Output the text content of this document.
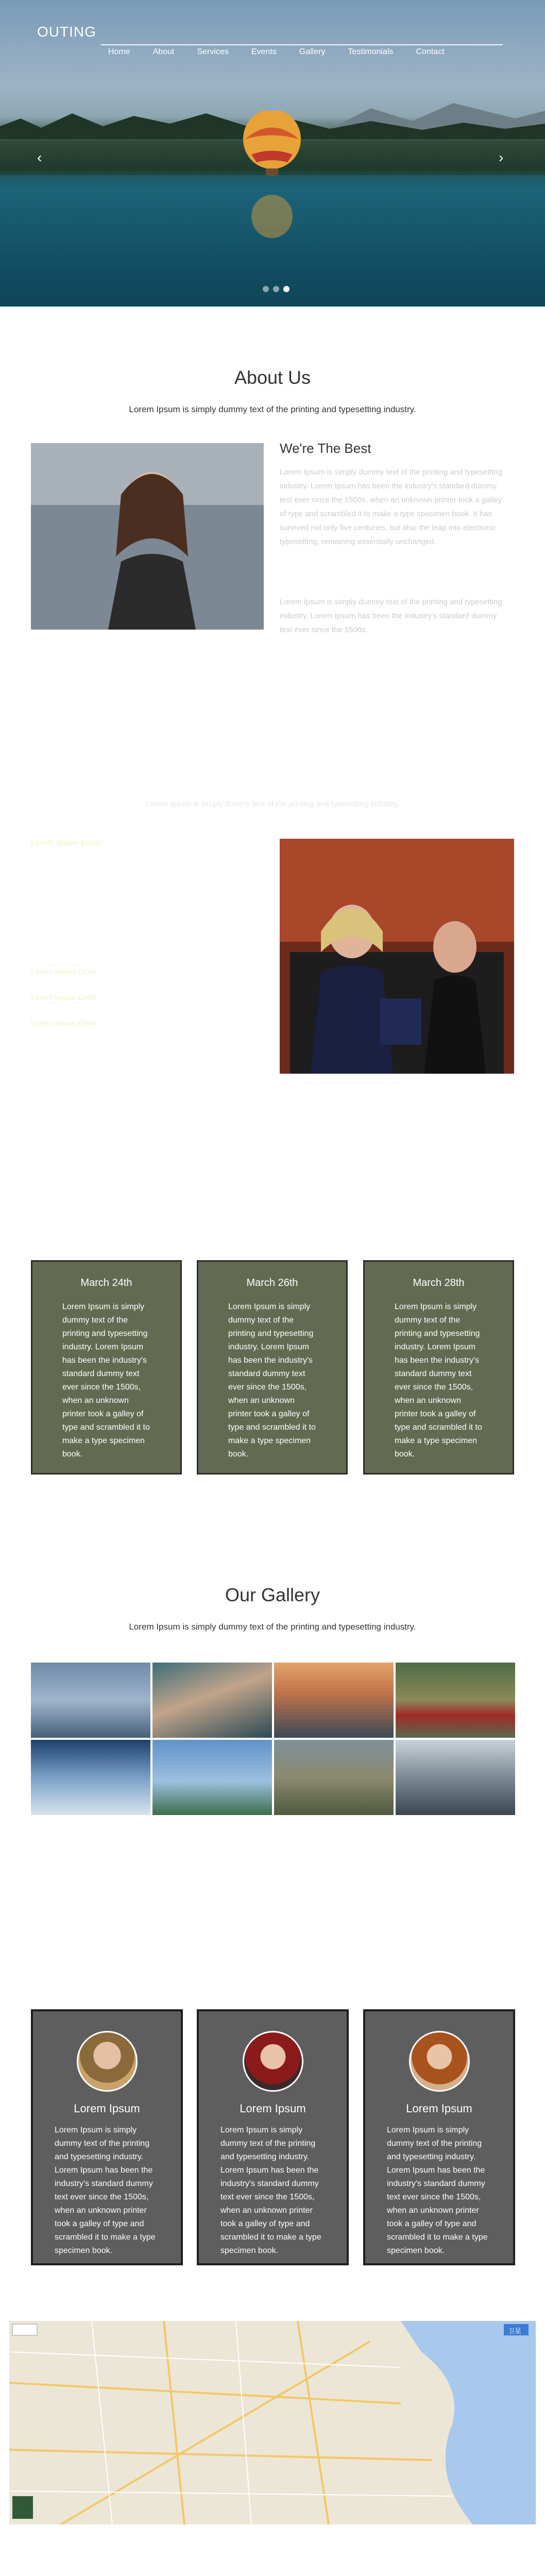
OUTING
Home	About	Services	Events	Gallery	Testimonials	Contact
‹	›
About Us
Lorem Ipsum is simply dummy text of the printing and typesetting industry.
We're The Best
Lorem Ipsum is simply dummy text of the printing and typesetting industry. Lorem Ipsum has been the industry's standard dummy text ever since the 1500s, when an unknown printer took a galley of type and scrambled it to make a type specimen book. It has survived not only five centuries, but also the leap into electronic typesetting, remaining essentially unchanged.
Lorem Ipsum is simply dummy text of the printing and typesetting industry. Lorem Ipsum has been the industry's standard dummy text ever since the 1500s.
Lorem Ipsum is simply dummy text of the printing and typesetting industry.
Lorem Ipsum Dolor
Lorem Ipsum Dolor
Lorem Ipsum Dolor
Lorem Ipsum Dolor
March 24th
Lorem Ipsum is simply dummy text of the printing and typesetting industry. Lorem Ipsum has been the industry's standard dummy text ever since the 1500s, when an unknown printer took a galley of type and scrambled it to make a type specimen book.
March 26th
Lorem Ipsum is simply dummy text of the printing and typesetting industry. Lorem Ipsum has been the industry's standard dummy text ever since the 1500s, when an unknown printer took a galley of type and scrambled it to make a type specimen book.
March 28th
Lorem Ipsum is simply dummy text of the printing and typesetting industry. Lorem Ipsum has been the industry's standard dummy text ever since the 1500s, when an unknown printer took a galley of type and scrambled it to make a type specimen book.
Our Gallery
Lorem Ipsum is simply dummy text of the printing and typesetting industry.
Lorem Ipsum
Lorem Ipsum is simply dummy text of the printing and typesetting industry. Lorem Ipsum has been the industry's standard dummy text ever since the 1500s, when an unknown printer took a galley of type and scrambled it to make a type specimen book.
Lorem Ipsum
Lorem Ipsum is simply dummy text of the printing and typesetting industry. Lorem Ipsum has been the industry's standard dummy text ever since the 1500s, when an unknown printer took a galley of type and scrambled it to make a type specimen book.
Lorem Ipsum
Lorem Ipsum is simply dummy text of the printing and typesetting industry. Lorem Ipsum has been the industry's standard dummy text ever since the 1500s, when an unknown printer took a galley of type and scrambled it to make a type specimen book.
卫星
